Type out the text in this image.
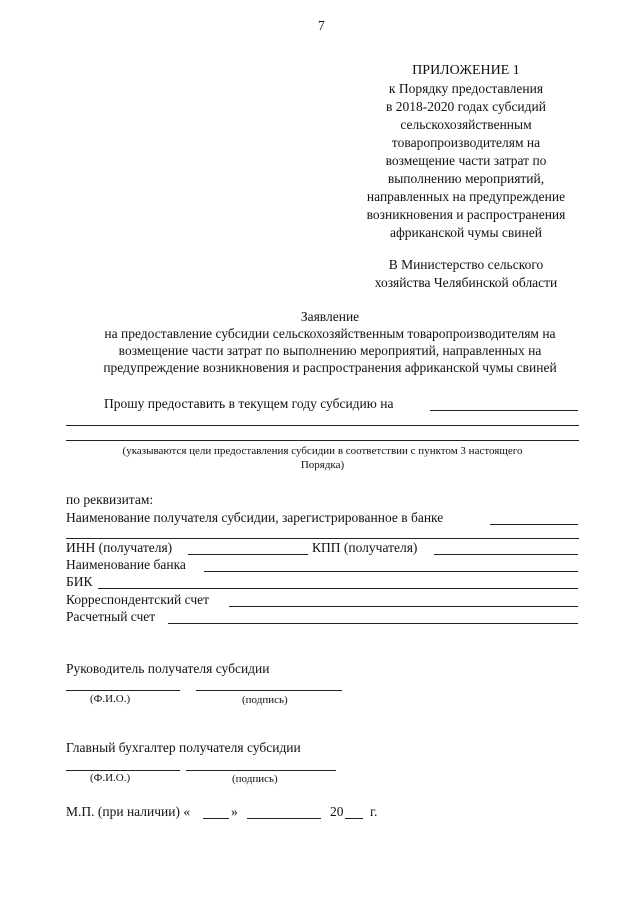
7
ПРИЛОЖЕНИЕ 1
к Порядку предоставления
в 2018-2020 годах субсидий
сельскохозяйственным
товаропроизводителям на
возмещение части затрат по
выполнению мероприятий,
направленных на предупреждение
возникновения и распространения
африканской чумы свиней
В Министерство сельского
хозяйства Челябинской области
Заявление
на предоставление субсидии сельскохозяйственным товаропроизводителям на
возмещение части затрат по выполнению мероприятий, направленных на
предупреждение возникновения и распространения африканской чумы свиней
Прошу предоставить в текущем году субсидию на
(указываются цели предоставления субсидии в соответствии с пунктом 3 настоящего
Порядка)
по реквизитам:
Наименование получателя субсидии, зарегистрированное в банке
ИНН (получателя)	КПП (получателя)
Наименование банка
БИК
Корреспондентский счет
Расчетный счет
Руководитель получателя субсидии
(Ф.И.О.)	(подпись)
Главный бухгалтер получателя субсидии
(Ф.И.О.)	(подпись)
М.П. (при наличии) «	»	20 г.
